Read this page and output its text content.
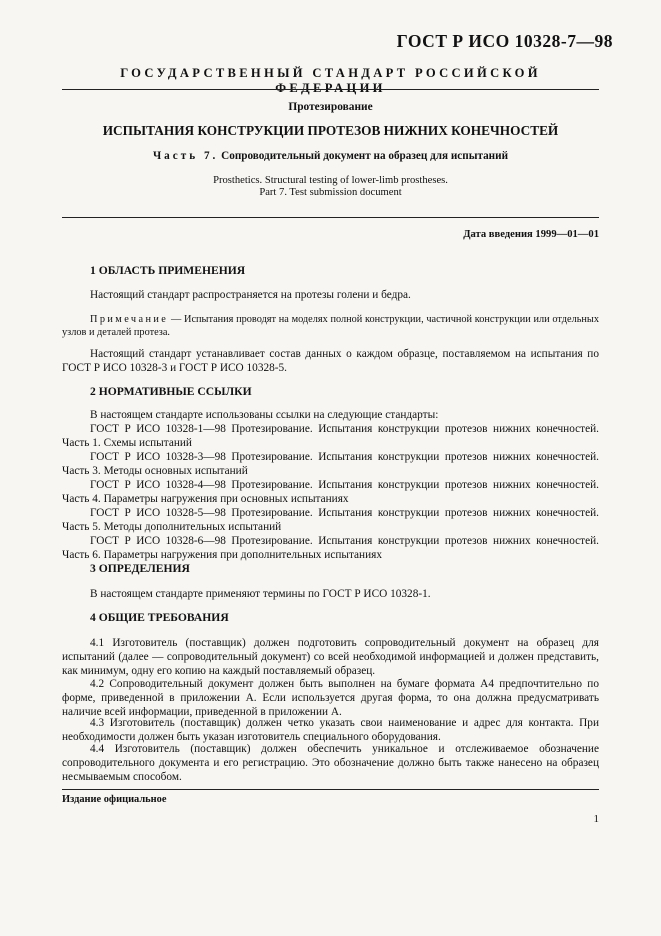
ГОСТ Р ИСО 10328-7—98
ГОСУДАРСТВЕННЫЙ СТАНДАРТ РОССИЙСКОЙ ФЕДЕРАЦИИ
Протезирование
ИСПЫТАНИЯ КОНСТРУКЦИИ ПРОТЕЗОВ НИЖНИХ КОНЕЧНОСТЕЙ
Часть 7. Сопроводительный документ на образец для испытаний
Prosthetics. Structural testing of lower-limb prostheses.
Part 7. Test submission document
Дата введения 1999—01—01
1 ОБЛАСТЬ ПРИМЕНЕНИЯ
Настоящий стандарт распространяется на протезы голени и бедра.
Примечание — Испытания проводят на моделях полной конструкции, частичной конструкции или отдельных узлов и деталей протеза.
Настоящий стандарт устанавливает состав данных о каждом образце, поставляемом на испытания по ГОСТ Р ИСО 10328-3 и ГОСТ Р ИСО 10328-5.
2 НОРМАТИВНЫЕ ССЫЛКИ
В настоящем стандарте использованы ссылки на следующие стандарты:
ГОСТ Р ИСО 10328-1—98 Протезирование. Испытания конструкции протезов нижних конечностей. Часть 1. Схемы испытаний
ГОСТ Р ИСО 10328-3—98 Протезирование. Испытания конструкции протезов нижних конечностей. Часть 3. Методы основных испытаний
ГОСТ Р ИСО 10328-4—98 Протезирование. Испытания конструкции протезов нижних конечностей. Часть 4. Параметры нагружения при основных испытаниях
ГОСТ Р ИСО 10328-5—98 Протезирование. Испытания конструкции протезов нижних конечностей. Часть 5. Методы дополнительных испытаний
ГОСТ Р ИСО 10328-6—98 Протезирование. Испытания конструкции протезов нижних конечностей. Часть 6. Параметры нагружения при дополнительных испытаниях
3 ОПРЕДЕЛЕНИЯ
В настоящем стандарте применяют термины по ГОСТ Р ИСО 10328-1.
4 ОБЩИЕ ТРЕБОВАНИЯ
4.1 Изготовитель (поставщик) должен подготовить сопроводительный документ на образец для испытаний (далее — сопроводительный документ) со всей необходимой информацией и должен представить, как минимум, одну его копию на каждый поставляемый образец.
4.2 Сопроводительный документ должен быть выполнен на бумаге формата А4 предпочтительно по форме, приведенной в приложении А. Если используется другая форма, то она должна предусматривать наличие всей информации, приведенной в приложении А.
4.3 Изготовитель (поставщик) должен четко указать свои наименование и адрес для контакта. При необходимости должен быть указан изготовитель специального оборудования.
4.4 Изготовитель (поставщик) должен обеспечить уникальное и отслеживаемое обозначение сопроводительного документа и его регистрацию. Это обозначение должно быть также нанесено на образец несмываемым способом.
Издание официальное
1
